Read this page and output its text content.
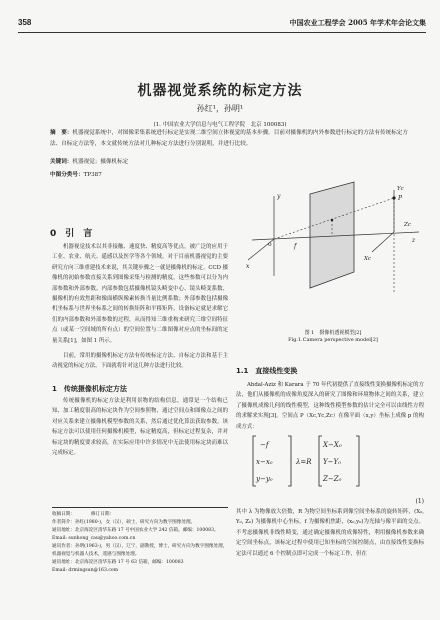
358	中国农业工程学会 2005 年学术年会论文集
机器视觉系统的标定方法
孙红¹，孙明¹
(1. 中国农业大学信息与电气工程学院　北京 100083)
摘　要：机器视觉系统中，对图像采集系统进行标定是实现二维空间立体视觉的基本步骤。目前对摄像机的内外参数进行标定的方法有传统标定方法、自标定方法等，本文就传统方法对几种标定方法进行分别说明，并进行比较。
关键词：机器视觉；摄像机标定
中图分类号：TP387
0　引　言
机器视觉技术以其非接触、速度快、精度高等优点，被广泛的应用于工业、农业、航天、遥感以及医学等各个领域。对于目前机器视觉的主要研究方向三维重建技术来说，其关键步骤之一就是摄像机的标定。CCD 摄像机的初始参数直接关系到图像采集与检测的精度，这些参数可以分为内部参数和外部参数。内部参数包括摄像机镜头畸变中心、镜头畸变系数、摄像机的有效焦距和像面横纵像素转换当量比例系数；外部参数包括摄像机坐标系与世界坐标系之间的转换矩阵和平移矩阵。设备标定就是求解它们的内部参数和外部参数的过程，从而得知三维重构来研究三维空间特征点（或某一空间域的所有点）的空间位置与二维图像对应点的坐标间的定量关系[1]，如图 1 所示。
目前，常用的摄像机标定方法有传统标定方法、自标定方法和基于主动视觉的标定方法，下面就将针对这几种方法进行比较。
1　传统摄像机标定方法
传统摄像机的标定方法是利用景物的结构信息，通常是一个结构已知、加工精度很高的标定块作为空间参照物，通过空间点和图像点之间的对应关系来建立摄像机模型参数的关系，然后通过优化算法获取参数。该标定方法可以使用任何摄像机模型，标定精度高，但标定过程复杂，并对标定块的精度要求较高，在实际应用中许多情况中无法使用标定块而难以完成标定。
收稿日期：　　　　修订日期：
作者简介：孙红(1980-)，女（汉），硕士，研究方向为数字图像处理。
通讯地址：北京海淀区清华东路 17 号中国农业大学 242 信箱。邮编：100083。
Email: sunhong_cau@yahoo.com.cn
通讯作者：孙明(1963-)，男（汉），辽宁，副教授，博士，研究方向为数字图像处理，机器视觉与机器人技术，遥感与图像处理。
通讯地址：北京海淀区清华东路 17 号 63 信箱，邮编：100083
Email: drmingsun@163.com
o
x
y
z
f
Xc
Yc
Zc
P
图 1　摄像机透视模型[2]
Fig.1.Camera perspective model[2]
1.1　直接线性变换
Abdal-Aziz 和 Karara 于 70 年代初提供了直接线性变换摄像机标定的方法，他们从摄像机的成像角度深入的研究了图像和环境物体之间的关系，建立了摄像机成像几何的线性模型，这种线性模型参数的估计完全可以由线性方程的求解来实现[3]。空间点 P（Xc,Yc,Zc）在像平面（x,y）坐标上成像 p 的构成方式：
−f
x−x₀
y−y₀
λ=R
X−X₀
Y−Y₀
Z−Z₀
(1)
其中 λ 为物像放大倍数，R 为物空间坐标系到像空间坐标系的旋转矩阵，(X₀, Y₀, Z₀) 为摄像机中心坐标，f 为摄像机焦距，(x₀,y₀)为光轴与像平面的交点。不考虑摄像机非线性畸变，通过确定摄像机的成像特性，利用摄像机参数来确定空间坐标点，该标定过程中使用已知坐标的空间控制点，由直接线性变换标定法可以通过 6 个控制点即可完成一个标定工作，但在
